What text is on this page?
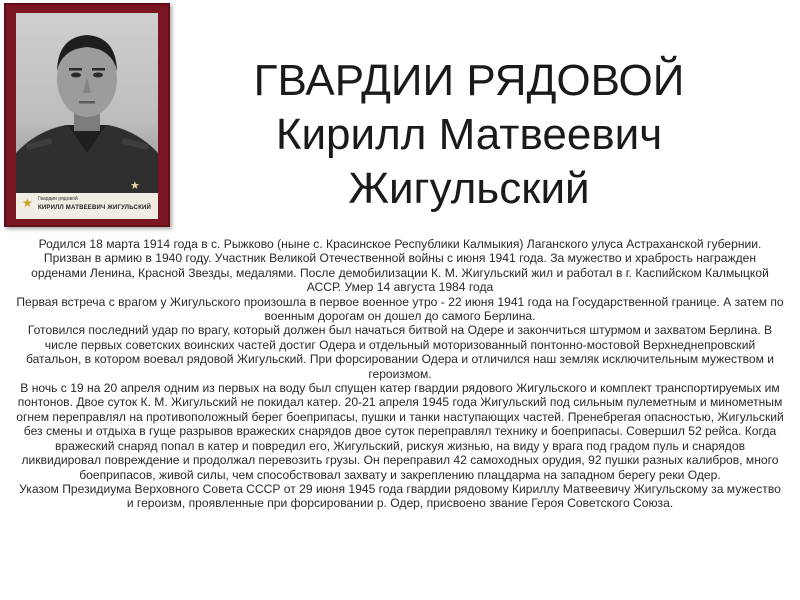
★
★ Гвардии рядовой
КИРИЛЛ МАТВЕЕВИЧ ЖИГУЛЬСКИЙ
ГВАРДИИ РЯДОВОЙ
Кирилл Матвеевич
Жигульский

Родился 18 марта 1914 года в с. Рыжково (ныне с. Красинское Республики Калмыкия) Лаганского улуса Астраханской губернии. Призван в армию в 1940 году. Участник Великой Отечественной войны с июня 1941 года. За мужество и храбрость награжден орденами Ленина, Красной Звезды, медалями. После демобилизации К. М. Жигульский жил и работал в г. Каспийском Калмыцкой АССР. Умер 14 августа 1984 года

Первая встреча с врагом у Жигульского произошла в первое военное утро - 22 июня 1941 года на Государственной границе. А затем по военным дорогам он дошел до самого Берлина.

Готовился последний удар по врагу, который должен был начаться битвой на Одере и закончиться штурмом и захватом Берлина. В числе первых советских воинских частей достиг Одера и отдельный моторизованный понтонно-мостовой Верхнеднепровский батальон, в котором воевал рядовой Жигульский. При форсировании Одера и отличился наш земляк исключительным мужеством и героизмом.

В ночь с 19 на 20 апреля одним из первых на воду был спущен катер гвардии рядового Жигульского и комплект транспортируемых им понтонов. Двое суток К. М. Жигульский не покидал катер. 20-21 апреля 1945 года Жигульский под сильным пулеметным и минометным огнем переправлял на противоположный берег боеприпасы, пушки и танки наступающих частей. Пренебрегая опасностью, Жигульский без смены и отдыха в гуще разрывов вражеских снарядов двое суток переправлял технику и боеприпасы. Совершил 52 рейса. Когда вражеский снаряд попал в катер и повредил его, Жигульский, рискуя жизнью, на виду у врага под градом пуль и снарядов ликвидировал повреждение и продолжал перевозить грузы. Он переправил 42 самоходных орудия, 92 пушки разных калибров, много боеприпасов, живой силы, чем способствовал захвату и закреплению плацдарма на западном берегу реки Одер.

Указом Президиума Верховного Совета СССР от 29 июня 1945 года гвардии рядовому Кириллу Матвеевичу Жигульскому за мужество и героизм, проявленные при форсировании р. Одер, присвоено звание Героя Советского Союза.
